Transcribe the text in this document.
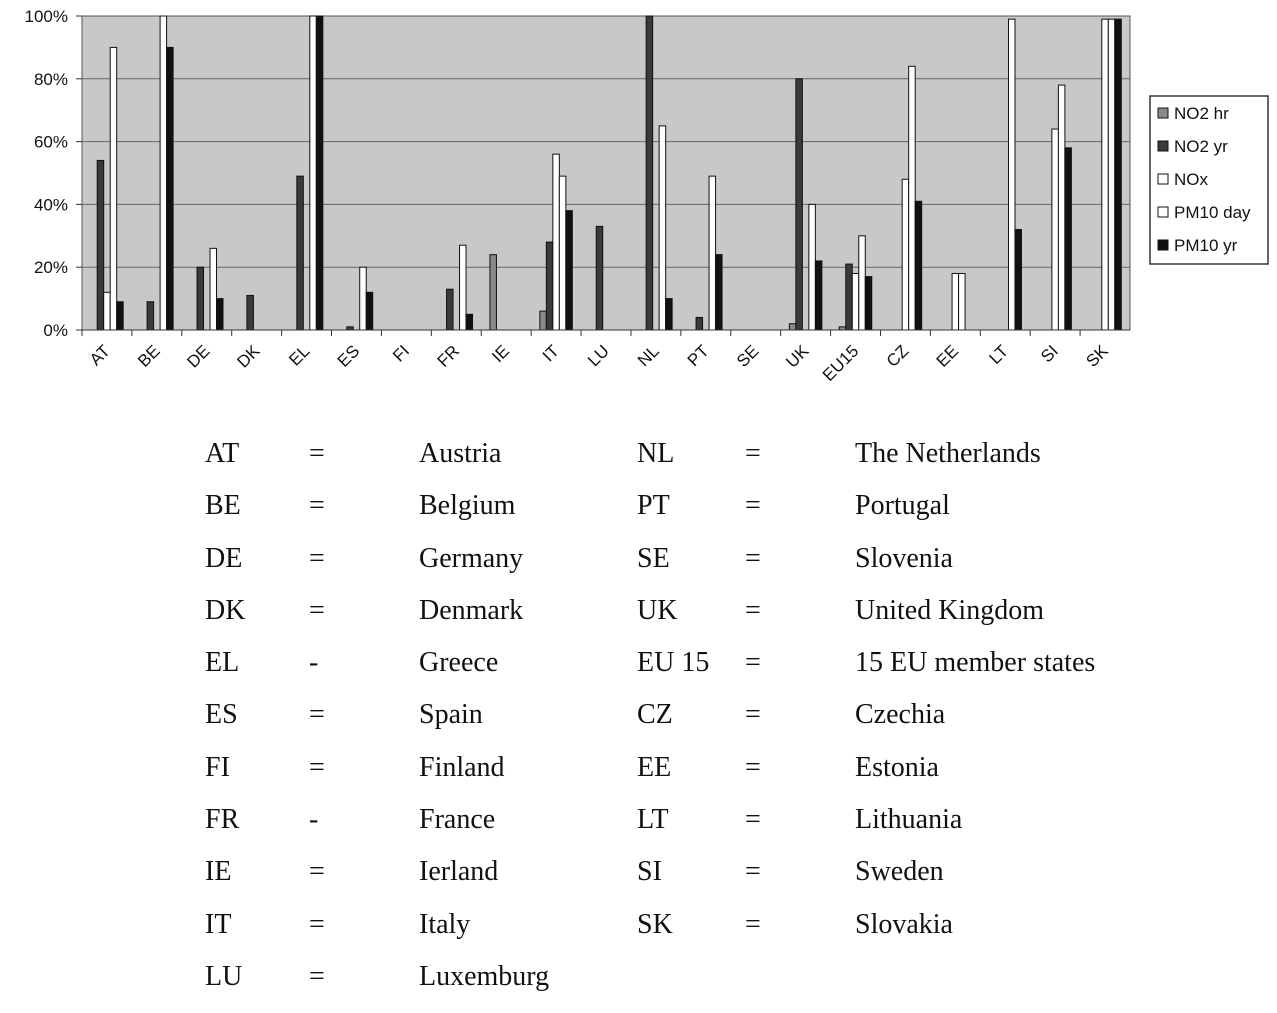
0%
20%
40%
60%
80%
100%
AT BE DE DK EL ES FI FR IE IT LU NL PT SE UK EU15 CZ EE LT SI SK
NO2 hr
NO2 yr
NOx
PM10 day
PM10 yr
AT =	Austria	NL	=	The Netherlands
BE =	Belgium	PT	=	Portugal
DE =	Germany	SE	=	Slovenia
DK =	Denmark	UK =	United Kingdom
EL -	Greece	EU 15 =	15 EU member states
ES	=	Spain	CZ	=	Czechia
FI	=	Finland	EE	=	Estonia
FR -	France	LT	=	Lithuania
IE	=	Ierland	SI	=	Sweden
IT	=	Italy	SK	=	Slovakia
LU =	Luxemburg
